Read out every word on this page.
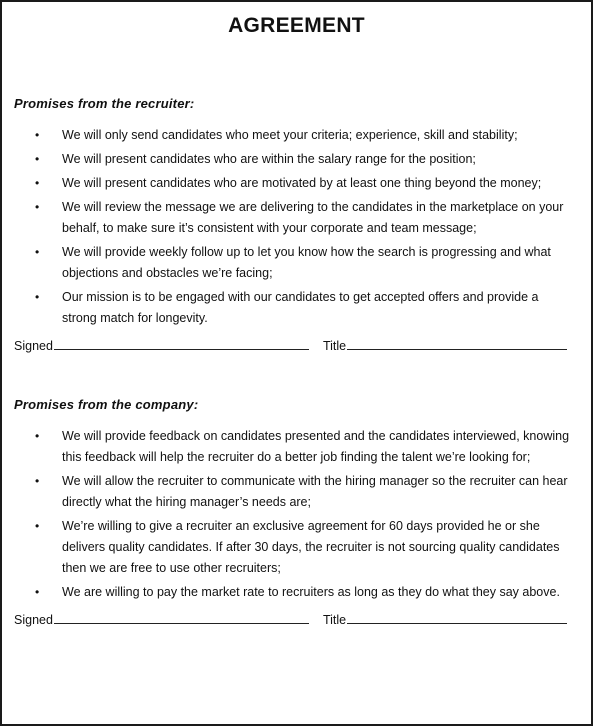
AGREEMENT
Promises from the recruiter:
• We will only send candidates who meet your criteria; experience, skill and stability;
• We will present candidates who are within the salary range for the position;
• We will present candidates who are motivated by at least one thing beyond the money;
• We will review the message we are delivering to the candidates in the marketplace on your behalf, to make sure it’s consistent with your corporate and team message;
• We will provide weekly follow up to let you know how the search is progressing and what objections and obstacles we’re facing;
• Our mission is to be engaged with our candidates to get accepted offers and provide a strong match for longevity.
Signed	Title
Promises from the company:
• We will provide feedback on candidates presented and the candidates interviewed, knowing this feedback will help the recruiter do a better job finding the talent we’re looking for;
• We will allow the recruiter to communicate with the hiring manager so the recruiter can hear directly what the hiring manager’s needs are;
• We’re willing to give a recruiter an exclusive agreement for 60 days provided he or she delivers quality candidates. If after 30 days, the recruiter is not sourcing quality candidates then we are free to use other recruiters;
• We are willing to pay the market rate to recruiters as long as they do what they say above.
Signed	Title
